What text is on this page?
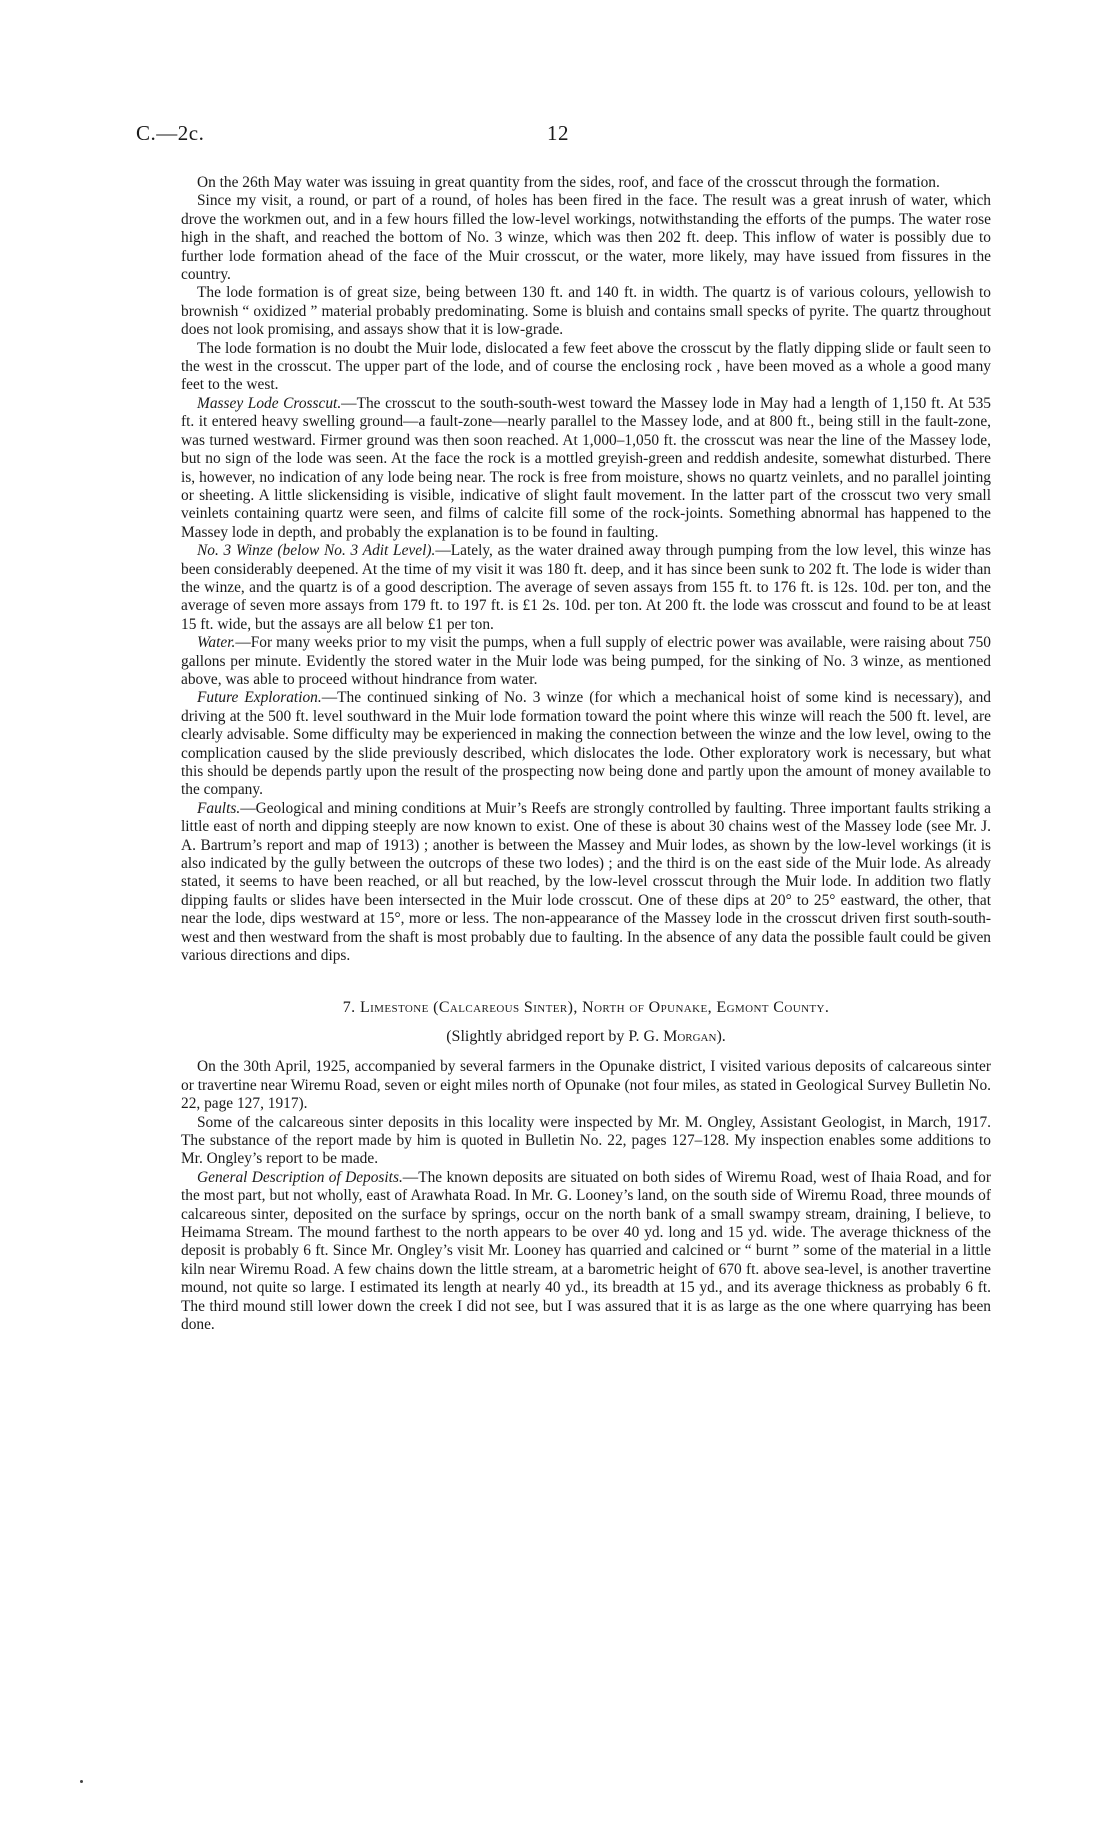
C.—2c.	12

On the 26th May water was issuing in great quantity from the sides, roof, and face of the crosscut through the formation.

Since my visit, a round, or part of a round, of holes has been fired in the face. The result was a great inrush of water, which drove the workmen out, and in a few hours filled the low-level workings, notwithstanding the efforts of the pumps. The water rose high in the shaft, and reached the bottom of No. 3 winze, which was then 202 ft. deep. This inflow of water is possibly due to further lode formation ahead of the face of the Muir crosscut, or the water, more likely, may have issued from fissures in the country.

The lode formation is of great size, being between 130 ft. and 140 ft. in width. The quartz is of various colours, yellowish to brownish “ oxidized ” material probably predominating. Some is bluish and contains small specks of pyrite. The quartz throughout does not look promising, and assays show that it is low-grade.

The lode formation is no doubt the Muir lode, dislocated a few feet above the crosscut by the flatly dipping slide or fault seen to the west in the crosscut. The upper part of the lode, and of course the enclosing rock , have been moved as a whole a good many feet to the west.

Massey Lode Crosscut.—The crosscut to the south-south-west toward the Massey lode in May had a length of 1,150 ft. At 535 ft. it entered heavy swelling ground—a fault-zone—nearly parallel to the Massey lode, and at 800 ft., being still in the fault-zone, was turned westward. Firmer ground was then soon reached. At 1,000–1,050 ft. the crosscut was near the line of the Massey lode, but no sign of the lode was seen. At the face the rock is a mottled greyish-green and reddish andesite, somewhat disturbed. There is, however, no indication of any lode being near. The rock is free from moisture, shows no quartz veinlets, and no parallel jointing or sheeting. A little slickensiding is visible, indicative of slight fault movement. In the latter part of the crosscut two very small veinlets containing quartz were seen, and films of calcite fill some of the rock-joints. Something abnormal has happened to the Massey lode in depth, and probably the explanation is to be found in faulting.

No. 3 Winze (below No. 3 Adit Level).—Lately, as the water drained away through pumping from the low level, this winze has been considerably deepened. At the time of my visit it was 180 ft. deep, and it has since been sunk to 202 ft. The lode is wider than the winze, and the quartz is of a good description. The average of seven assays from 155 ft. to 176 ft. is 12s. 10d. per ton, and the average of seven more assays from 179 ft. to 197 ft. is £1 2s. 10d. per ton. At 200 ft. the lode was crosscut and found to be at least 15 ft. wide, but the assays are all below £1 per ton.

Water.—For many weeks prior to my visit the pumps, when a full supply of electric power was available, were raising about 750 gallons per minute. Evidently the stored water in the Muir lode was being pumped, for the sinking of No. 3 winze, as mentioned above, was able to proceed without hindrance from water.

Future Exploration.—The continued sinking of No. 3 winze (for which a mechanical hoist of some kind is necessary), and driving at the 500 ft. level southward in the Muir lode formation toward the point where this winze will reach the 500 ft. level, are clearly advisable. Some difficulty may be experienced in making the connection between the winze and the low level, owing to the complication caused by the slide previously described, which dislocates the lode. Other exploratory work is necessary, but what this should be depends partly upon the result of the prospecting now being done and partly upon the amount of money available to the company.

Faults.—Geological and mining conditions at Muir’s Reefs are strongly controlled by faulting. Three important faults striking a little east of north and dipping steeply are now known to exist. One of these is about 30 chains west of the Massey lode (see Mr. J. A. Bartrum’s report and map of 1913) ; another is between the Massey and Muir lodes, as shown by the low-level workings (it is also indicated by the gully between the outcrops of these two lodes) ; and the third is on the east side of the Muir lode. As already stated, it seems to have been reached, or all but reached, by the low-level crosscut through the Muir lode. In addition two flatly dipping faults or slides have been intersected in the Muir lode crosscut. One of these dips at 20° to 25° eastward, the other, that near the lode, dips westward at 15°, more or less. The non-appearance of the Massey lode in the crosscut driven first south-south-west and then westward from the shaft is most probably due to faulting. In the absence of any data the possible fault could be given various directions and dips.

7. Limestone (Calcareous Sinter), North of Opunake, Egmont County.

(Slightly abridged report by P. G. Morgan).

On the 30th April, 1925, accompanied by several farmers in the Opunake district, I visited various deposits of calcareous sinter or travertine near Wiremu Road, seven or eight miles north of Opunake (not four miles, as stated in Geological Survey Bulletin No. 22, page 127, 1917).

Some of the calcareous sinter deposits in this locality were inspected by Mr. M. Ongley, Assistant Geologist, in March, 1917. The substance of the report made by him is quoted in Bulletin No. 22, pages 127–128. My inspection enables some additions to Mr. Ongley’s report to be made.

General Description of Deposits.—The known deposits are situated on both sides of Wiremu Road, west of Ihaia Road, and for the most part, but not wholly, east of Arawhata Road. In Mr. G. Looney’s land, on the south side of Wiremu Road, three mounds of calcareous sinter, deposited on the surface by springs, occur on the north bank of a small swampy stream, draining, I believe, to Heimama Stream. The mound farthest to the north appears to be over 40 yd. long and 15 yd. wide. The average thickness of the deposit is probably 6 ft. Since Mr. Ongley’s visit Mr. Looney has quarried and calcined or “ burnt ” some of the material in a little kiln near Wiremu Road. A few chains down the little stream, at a barometric height of 670 ft. above sea-level, is another travertine mound, not quite so large. I estimated its length at nearly 40 yd., its breadth at 15 yd., and its average thickness as probably 6 ft. The third mound still lower down the creek I did not see, but I was assured that it is as large as the one where quarrying has been done.
